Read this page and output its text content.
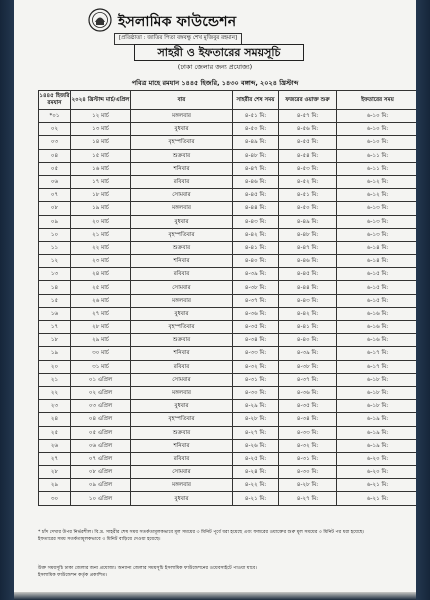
ইসলামিক ফাউন্ডেশন
[প্রতিষ্ঠাতা : জাতির পিতা বঙ্গবন্ধু শেখ মুজিবুর রহমান]
সাহরী ও ইফতারের সময়সূচি
(ঢাকা জেলার জন্য প্রযোজ্য)
পবিত্র মাহে রমযান ১৪৪৫ হিজরি, ১৪৩০ বঙ্গাব্দ, ২০২৪ খ্রিস্টাব্দ
১৪৪৫ হিজরি রমযান	২০২৪ খ্রিস্টাব্দ মার্চ/এপ্রিল	বার	সাহরীর শেষ সময়	ফজরের ওয়াক্ত শুরু	ইফতারের সময়
*০১	১২ মার্চ	মঙ্গলবার	৪-৫১ মি:	৪-৫৭ মি:	৬-১০ মি:
০২	১৩ মার্চ	বুধবার	৪-৫০ মি:	৪-৫৬ মি:	৬-১০ মি:
০৩	১৪ মার্চ	বৃহস্পতিবার	৪-৪৯ মি:	৪-৫৫ মি:	৬-১০ মি:
০৪	১৫ মার্চ	শুক্রবার	৪-৪৮ মি:	৪-৫৪ মি:	৬-১১ মি:
০৫	১৬ মার্চ	শনিবার	৪-৪৭ মি:	৪-৫৩ মি:	৬-১১ মি:
০৬	১৭ মার্চ	রবিবার	৪-৪৬ মি:	৪-৫২ মি:	৬-১২ মি:
০৭	১৮ মার্চ	সোমবার	৪-৪৫ মি:	৪-৫১ মি:	৬-১২ মি:
০৮	১৯ মার্চ	মঙ্গলবার	৪-৪৪ মি:	৪-৫০ মি:	৬-১৩ মি:
০৯	২০ মার্চ	বুধবার	৪-৪৩ মি:	৪-৪৯ মি:	৬-১৩ মি:
১০	২১ মার্চ	বৃহস্পতিবার	৪-৪২ মি:	৪-৪৮ মি:	৬-১৩ মি:
১১	২২ মার্চ	শুক্রবার	৪-৪১ মি:	৪-৪৭ মি:	৬-১৪ মি:
১২	২৩ মার্চ	শনিবার	৪-৪০ মি:	৪-৪৬ মি:	৬-১৪ মি:
১৩	২৪ মার্চ	রবিবার	৪-৩৯ মি:	৪-৪৫ মি:	৬-১৫ মি:
১৪	২৫ মার্চ	সোমবার	৪-৩৮ মি:	৪-৪৪ মি:	৬-১৫ মি:
১৫	২৬ মার্চ	মঙ্গলবার	৪-৩৭ মি:	৪-৪৩ মি:	৬-১৫ মি:
১৬	২৭ মার্চ	বুধবার	৪-৩৬ মি:	৪-৪২ মি:	৬-১৬ মি:
১৭	২৮ মার্চ	বৃহস্পতিবার	৪-৩৫ মি:	৪-৪১ মি:	৬-১৬ মি:
১৮	২৯ মার্চ	শুক্রবার	৪-৩৪ মি:	৪-৪০ মি:	৬-১৬ মি:
১৯	৩০ মার্চ	শনিবার	৪-৩৩ মি:	৪-৩৯ মি:	৬-১৭ মি:
২০	৩১ মার্চ	রবিবার	৪-৩২ মি:	৪-৩৮ মি:	৬-১৭ মি:
২১	০১ এপ্রিল	সোমবার	৪-৩১ মি:	৪-৩৭ মি:	৬-১৮ মি:
২২	০২ এপ্রিল	মঙ্গলবার	৪-৩০ মি:	৪-৩৬ মি:	৬-১৮ মি:
২৩	০৩ এপ্রিল	বুধবার	৪-২৯ মি:	৪-৩৫ মি:	৬-১৮ মি:
২৪	০৪ এপ্রিল	বৃহস্পতিবার	৪-২৮ মি:	৪-৩৪ মি:	৬-১৯ মি:
২৫	০৫ এপ্রিল	শুক্রবার	৪-২৭ মি:	৪-৩৩ মি:	৬-১৯ মি:
২৬	০৬ এপ্রিল	শনিবার	৪-২৬ মি:	৪-৩২ মি:	৬-১৯ মি:
২৭	০৭ এপ্রিল	রবিবার	৪-২৫ মি:	৪-৩১ মি:	৬-২০ মি:
২৮	০৮ এপ্রিল	সোমবার	৪-২৪ মি:	৪-৩০ মি:	৬-২০ মি:
২৯	০৯ এপ্রিল	মঙ্গলবার	৪-২২ মি:	৪-২৮ মি:	৬-২১ মি:
৩০	১০ এপ্রিল	বুধবার	৪-২১ মি:	৪-২৭ মি:	৬-২১ মি:
* চাঁদ দেখার উপর নির্ভরশীল। বি.দ্র. সাহরীর শেষ সময় সতর্কতামূলকভাবে মূল সময়ের ৩ মিনিট পূর্বে ধরা হয়েছে এবং ফজরের ওয়াক্তের শুরু মূল সময়ের ৩ মিনিট পর ধরা হয়েছে।
ইফতারের সময় সতর্কতামূলকভাবে ৩ মিনিট বাড়িয়ে দেওয়া হয়েছে।
উক্ত সময়সূচি ঢাকা জেলার জন্য প্রযোজ্য। অন্যান্য জেলার সময়সূচি ইসলামিক ফাউন্ডেশনের ওয়েবসাইটে পাওয়া যাবে।
ইসলামিক ফাউন্ডেশন কর্তৃক প্রকাশিত।
